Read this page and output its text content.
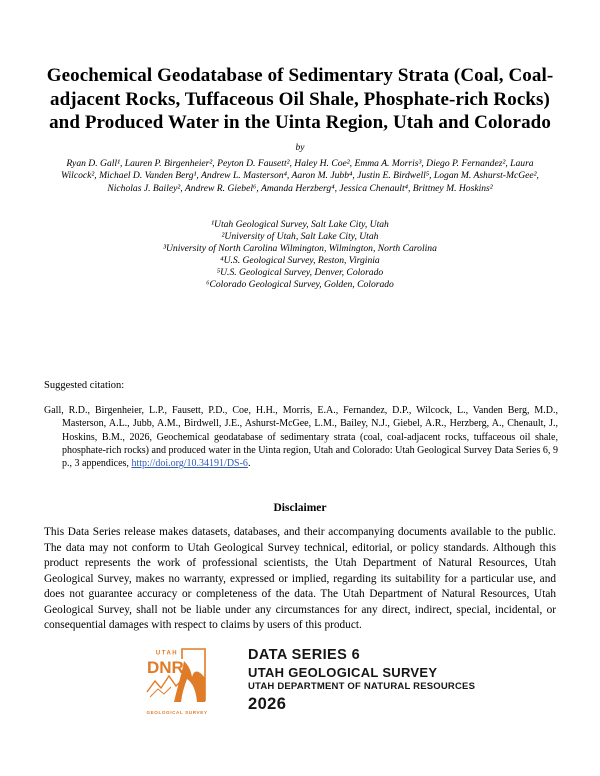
Geochemical Geodatabase of Sedimentary Strata (Coal, Coal-
adjacent Rocks, Tuffaceous Oil Shale, Phosphate-rich Rocks)
and Produced Water in the Uinta Region, Utah and Colorado
by
Ryan D. Gall¹, Lauren P. Birgenheier², Peyton D. Fausett², Haley H. Coe², Emma A. Morris³, Diego P. Fernandez², Laura
Wilcock², Michael D. Vanden Berg¹, Andrew L. Masterson⁴, Aaron M. Jubb⁴, Justin E. Birdwell⁵, Logan M. Ashurst-McGee²,
Nicholas J. Bailey², Andrew R. Giebel⁶, Amanda Herzberg⁴, Jessica Chenault⁴, Brittney M. Hoskins²
¹Utah Geological Survey, Salt Lake City, Utah
²University of Utah, Salt Lake City, Utah
³University of North Carolina Wilmington, Wilmington, North Carolina
⁴U.S. Geological Survey, Reston, Virginia
⁵U.S. Geological Survey, Denver, Colorado
⁶Colorado Geological Survey, Golden, Colorado
Suggested citation:
Gall, R.D., Birgenheier, L.P., Fausett, P.D., Coe, H.H., Morris, E.A., Fernandez, D.P., Wilcock, L., Vanden Berg, M.D., Masterson, A.L., Jubb, A.M., Birdwell, J.E., Ashurst-McGee, L.M., Bailey, N.J., Giebel, A.R., Herzberg, A., Chenault, J., Hoskins, B.M., 2026, Geochemical geodatabase of sedimentary strata (coal, coal-adjacent rocks, tuffaceous oil shale, phosphate-rich rocks) and produced water in the Uinta region, Utah and Colorado: Utah Geological Survey Data Series 6, 9 p., 3 appendices, http://doi.org/10.34191/DS-6.
Disclaimer
This Data Series release makes datasets, databases, and their accompanying documents available to the public. The data may not conform to Utah Geological Survey technical, editorial, or policy standards. Although this product represents the work of professional scientists, the Utah Department of Natural Resources, Utah Geological Survey, makes no warranty, expressed or implied, regarding its suitability for a particular use, and does not guarantee accuracy or completeness of the data. The Utah Department of Natural Resources, Utah Geological Survey, shall not be liable under any circumstances for any direct, indirect, special, incidental, or consequential damages with respect to claims by users of this product.
UTAH
DNR
GEOLOGICAL SURVEY
DATA SERIES 6
UTAH GEOLOGICAL SURVEY
UTAH DEPARTMENT OF NATURAL RESOURCES
2026
